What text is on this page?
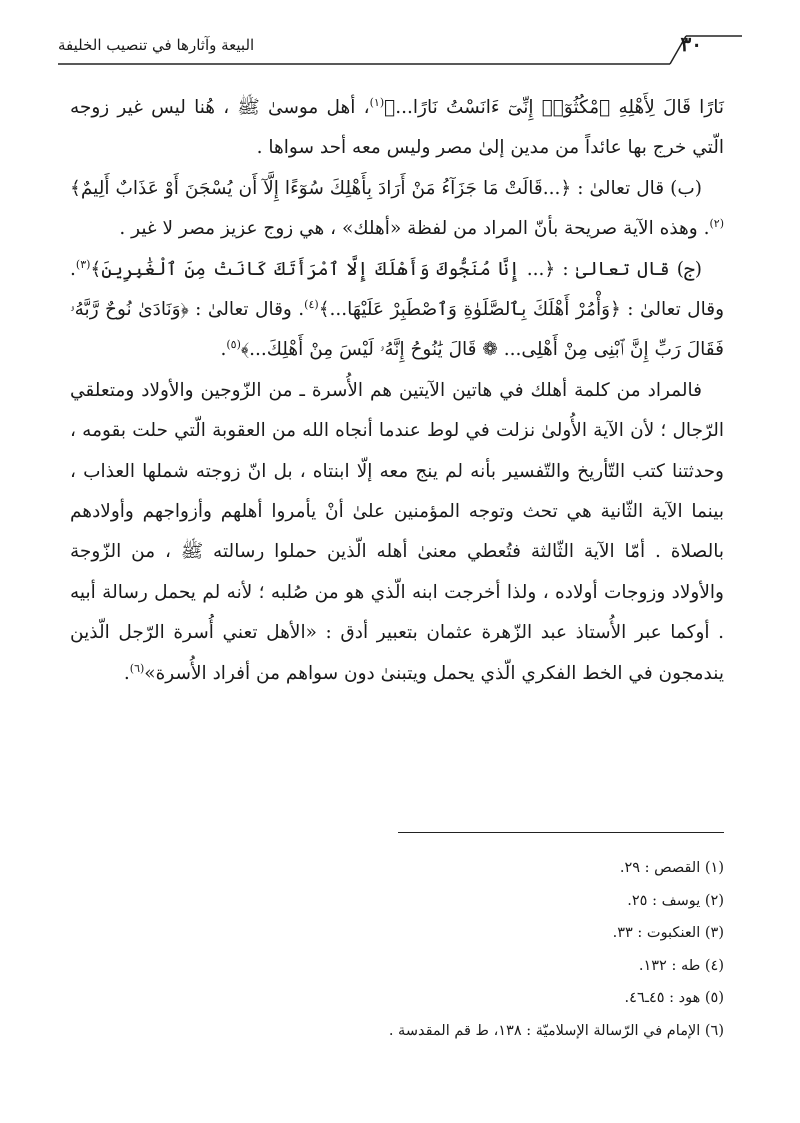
البيعة وآثارها في تنصيب الخليفة	٣٠

نَارًا قَالَ لِأَهْلِهِ ٱمْكُثُوٓا۟ إِنِّىٓ ءَانَسْتُ نَارًا...﴾$^{(١)}$، أهل موسىٰ ﷺ ، هُنا ليس غير زوجه الّتي خرج بها عائداً من مدين إلىٰ مصر وليس معه أحد سواها .

(ب) قال تعالىٰ : ﴿...قَالَتْ مَا جَزَآءُ مَنْ أَرَادَ بِأَهْلِكَ سُوٓءًا إِلَّآ أَن يُسْجَنَ أَوْ عَذَابٌ أَلِيمٌ﴾$^{(٢)}$. وهذه الآية صريحة بأنّ المراد من لفظة «أهلك» ، هي زوج عزيز مصر لا غير .

(ج) قال تعالىٰ : ﴿... إِنَّا مُنَجُّوكَ وَأَهْلَكَ إِلَّا ٱمْرَأَتَكَ كَانَتْ مِنَ ٱلْغَٰبِرِينَ﴾$^{(٣)}$. وقال تعالىٰ : ﴿وَأْمُرْ أَهْلَكَ بِٱلصَّلَوٰةِ وَٱصْطَبِرْ عَلَيْهَا...﴾$^{(٤)}$. وقال تعالىٰ : ﴿وَنَادَىٰ نُوحٌ رَّبَّهُۥ فَقَالَ رَبِّ إِنَّ ٱبْنِى مِنْ أَهْلِى... ❁ قَالَ يَٰنُوحُ إِنَّهُۥ لَيْسَ مِنْ أَهْلِكَ...﴾$^{(٥)}$.

فالمراد من كلمة أهلك في هاتين الآيتين هم الأُسرة ـ من الزّوجين والأولاد ومتعلقي الرّجال ؛ لأن الآية الأُولىٰ نزلت في لوط عندما أنجاه الله من العقوبة الّتي حلت بقومه ، وحدثتنا كتب التّأريخ والتّفسير بأنه لم ينج معه إلّا ابنتاه ، بل انّ زوجته شملها العذاب ، بينما الآية الثّانية هي تحث وتوجه المؤمنين علىٰ أنْ يأمروا أهلهم وأزواجهم وأولادهم بالصلاة . أمّا الآية الثّالثة فتُعطي معنىٰ أهله الّذين حملوا رسالته ﷺ ، من الزّوجة والأولاد وزوجات أولاده ، ولذا أخرجت ابنه الّذي هو من صُلبه ؛ لأنه لم يحمل رسالة أبيه . أوكما عبر الأُستاذ عبد الزّهرة عثمان بتعبير أدق : «الأهل تعني أُسرة الرّجل الّذين يندمجون في الخط الفكري الّذي يحمل ويتبنىٰ دون سواهم من أفراد الأُسرة»$^{(٦)}$.

(١) القصص : ٢٩.
(٢) يوسف : ٢٥.
(٣) العنكبوت : ٣٣.
(٤) طه : ١٣٢.
(٥) هود : ٤٥ـ٤٦.
(٦) الإمام في الرّسالة الإسلاميّة : ١٣٨، ط قم المقدسة .
